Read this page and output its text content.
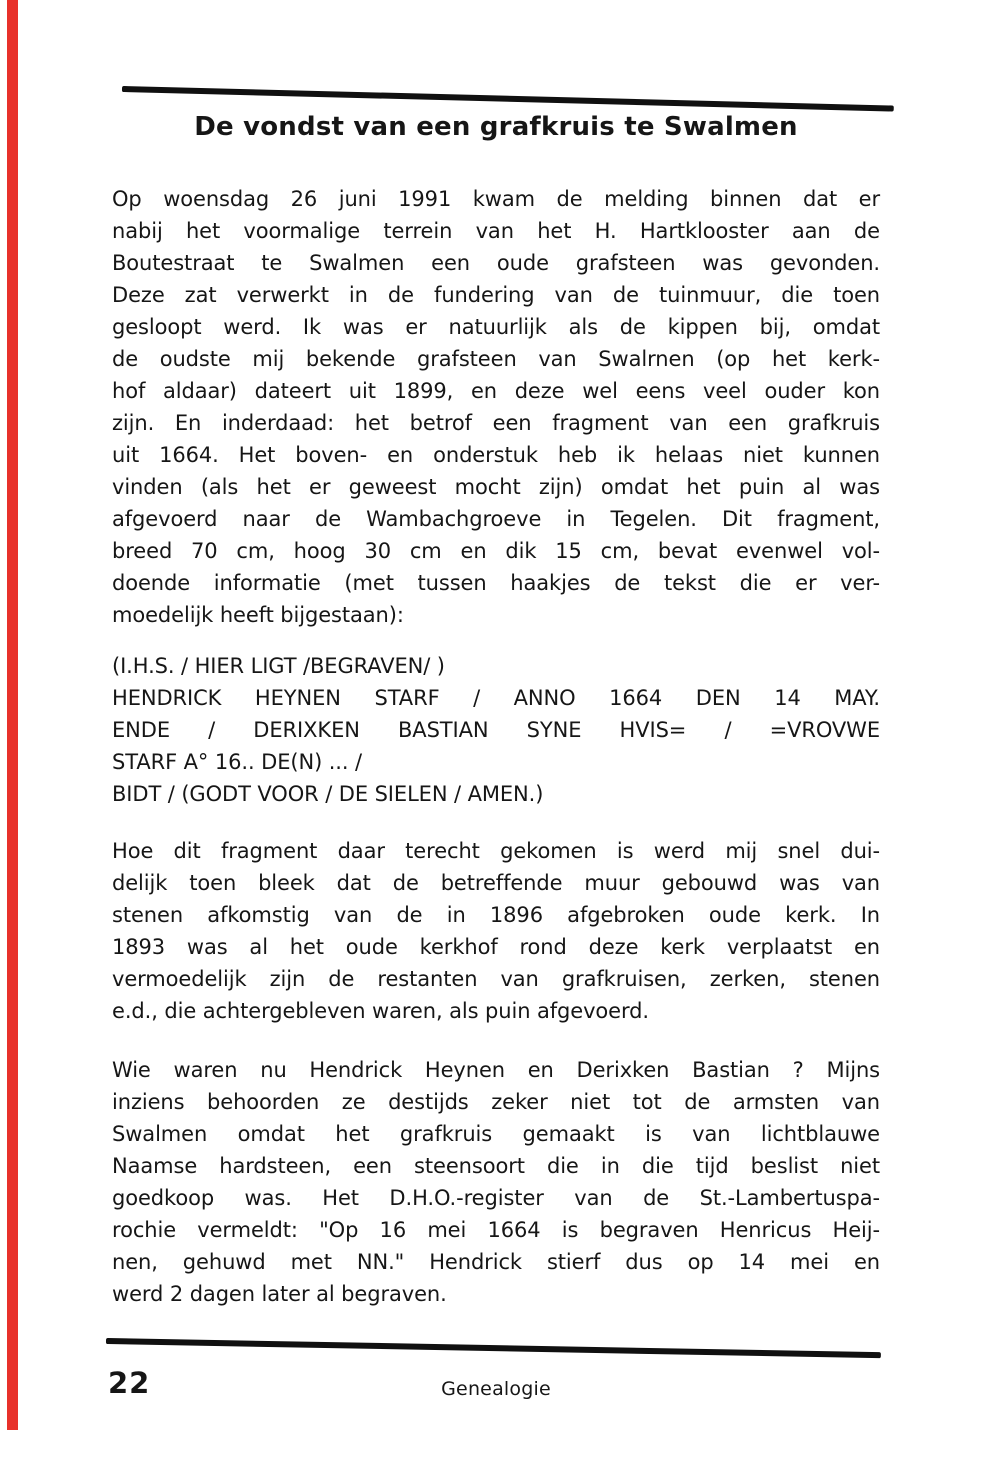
De vondst van een grafkruis te Swalmen
Op woensdag 26 juni 1991 kwam de melding binnen dat er
nabij het voormalige terrein van het H. Hartklooster aan de
Boutestraat te Swalmen een oude grafsteen was gevonden.
Deze zat verwerkt in de fundering van de tuinmuur, die toen
gesloopt werd. Ik was er natuurlijk als de kippen bij, omdat
de oudste mij bekende grafsteen van Swalrnen (op het kerk-
hof aldaar) dateert uit 1899, en deze wel eens veel ouder kon
zijn. En inderdaad: het betrof een fragment van een grafkruis
uit 1664. Het boven- en onderstuk heb ik helaas niet kunnen
vinden (als het er geweest mocht zijn) omdat het puin al was
afgevoerd naar de Wambachgroeve in Tegelen. Dit fragment,
breed 70 cm, hoog 30 cm en dik 15 cm, bevat evenwel vol-
doende informatie (met tussen haakjes de tekst die er ver-
moedelijk heeft bijgestaan):
(I.H.S. / HIER LIGT /BEGRAVEN/ )
HENDRICK HEYNEN STARF / ANNO 1664 DEN 14 MAY.
ENDE / DERIXKEN BASTIAN SYNE HVIS= / =VROVWE
STARF A° 16.. DE(N) ... /
BIDT / (GODT VOOR / DE SIELEN / AMEN.)
Hoe dit fragment daar terecht gekomen is werd mij snel dui-
delijk toen bleek dat de betreffende muur gebouwd was van
stenen afkomstig van de in 1896 afgebroken oude kerk. In
1893 was al het oude kerkhof rond deze kerk verplaatst en
vermoedelijk zijn de restanten van grafkruisen, zerken, stenen
e.d., die achtergebleven waren, als puin afgevoerd.
Wie waren nu Hendrick Heynen en Derixken Bastian ? Mijns
inziens behoorden ze destijds zeker niet tot de armsten van
Swalmen omdat het grafkruis gemaakt is van lichtblauwe
Naamse hardsteen, een steensoort die in die tijd beslist niet
goedkoop was. Het D.H.O.-register van de St.-Lambertuspa-
rochie vermeldt: "Op 16 mei 1664 is begraven Henricus Heij-
nen, gehuwd met NN." Hendrick stierf dus op 14 mei en
werd 2 dagen later al begraven.
22	Genealogie
